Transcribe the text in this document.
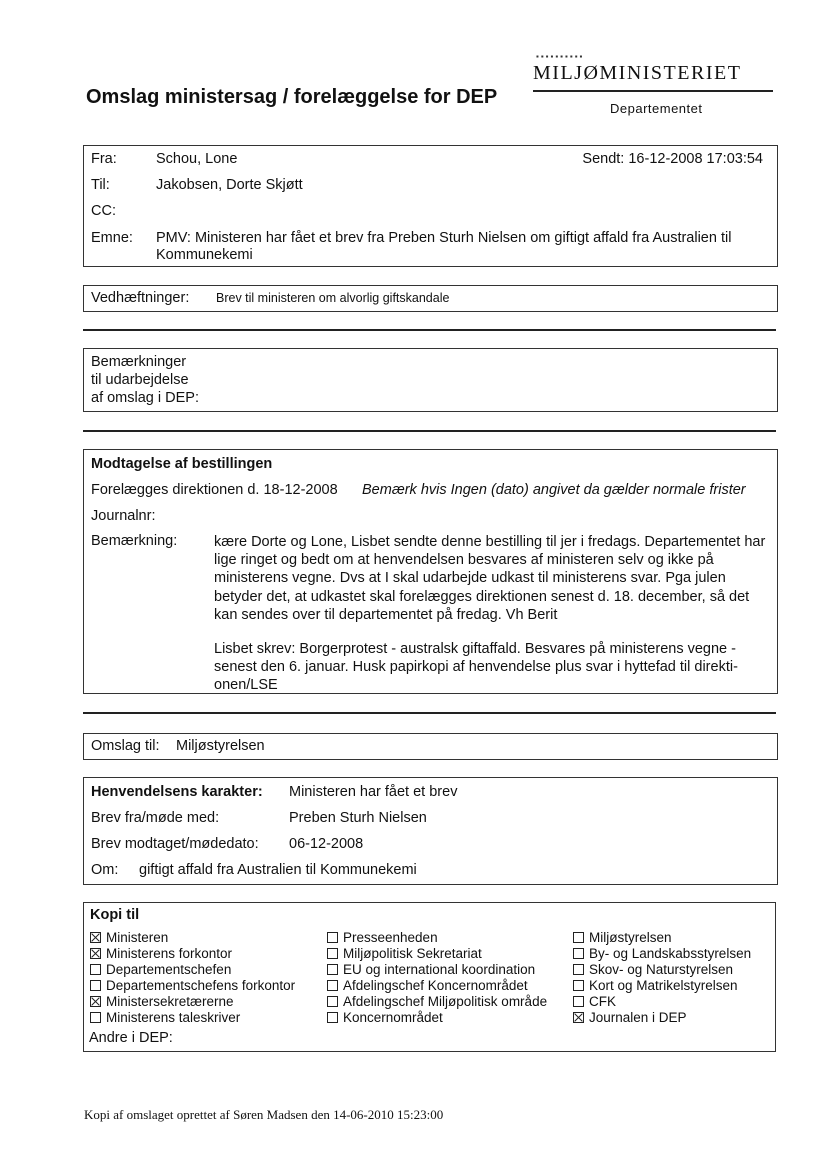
Omslag ministersag / forelæggelse for DEP
▪▪▪▪▪▪▪▪▪▪
MILJØMINISTERIET
Departementet
Fra:	Schou, Lone	Sendt: 16-12-2008 17:03:54
Til:	Jakobsen, Dorte Skjøtt
CC:
Emne: PMV: Ministeren har fået et brev fra Preben Sturh Nielsen om giftigt affald fra Australien til
Kommunekemi
Vedhæftninger: Brev til ministeren om alvorlig giftskandale
Bemærkninger
til udarbejdelse
af omslag i DEP:
Modtagelse af bestillingen
Forelægges direktionen d. 18-12-2008 Bemærk hvis Ingen (dato) angivet da gælder normale frister
Journalnr:
Bemærkning:	kære Dorte og Lone, Lisbet sendte denne bestilling til jer i fredags. Departementet har lige ringet og bedt om at henvendelsen besvares af ministeren selv og ikke på ministerens vegne. Dvs at I skal udarbejde udkast til ministerens svar. Pga julen betyder det, at udkastet skal forelægges direktionen senest d. 18. december, så det kan sendes over til departementet på fredag. Vh Berit
Lisbet skrev: Borgerprotest - australsk giftaffald. Besvares på ministerens vegne - senest den 6. januar. Husk papirkopi af henvendelse plus svar i hyttefad til direkti-onen/LSE
Omslag til: Miljøstyrelsen
Henvendelsens karakter: Ministeren har fået et brev
Brev fra/møde med:	Preben Sturh Nielsen
Brev modtaget/mødedato: 06-12-2008
Om: giftigt affald fra Australien til Kommunekemi
Kopi til
Ministeren
Ministerens forkontor
Departementschefen
Departementschefens forkontor
Ministersekretærerne
Ministerens taleskriver
Presseenheden
Miljøpolitisk Sekretariat
EU og international koordination
Afdelingschef Koncernområdet
Afdelingschef Miljøpolitisk område
Koncernområdet
Miljøstyrelsen
By- og Landskabsstyrelsen
Skov- og Naturstyrelsen
Kort og Matrikelstyrelsen
CFK
Journalen i DEP
Andre i DEP:
Kopi af omslaget oprettet af Søren Madsen den 14-06-2010 15:23:00
